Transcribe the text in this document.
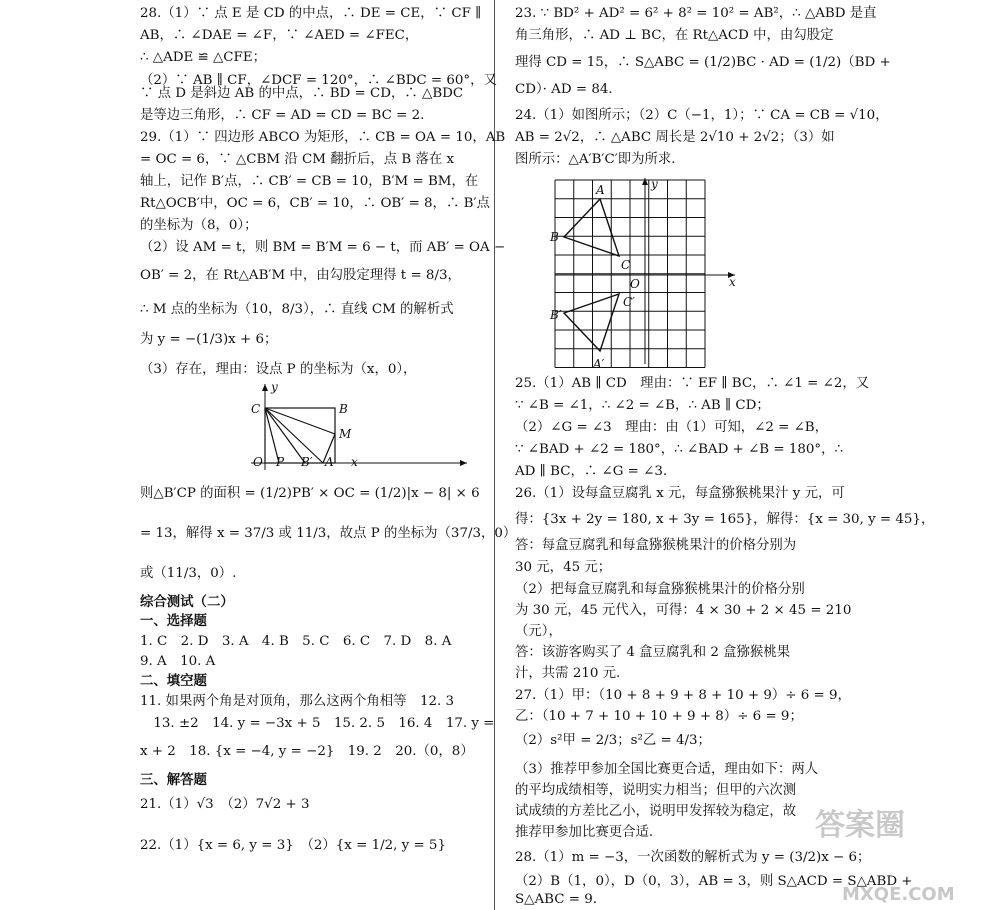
28.（1）∵ 点 E 是 CD 的中点，∴ DE = CE，∵ CF ∥
AB，∴ ∠DAE = ∠F，∵ ∠AED = ∠FEC，
∴ △ADE ≌ △CFE；
（2）∵ AB ∥ CF，∠DCF = 120°，∴ ∠BDC = 60°，又
∵ 点 D 是斜边 AB 的中点，∴ BD = CD，∴ △BDC
是等边三角形，∴ CF = AD = CD = BC = 2.
29.（1）∵ 四边形 ABCO 为矩形，∴ CB = OA = 10，AB
= OC = 6，∵ △CBM 沿 CM 翻折后，点 B 落在 x
轴上，记作 B′点，∴ CB′ = CB = 10，B′M = BM，在
Rt△OCB′中，OC = 6，CB′ = 10，∴ OB′ = 8，∴ B′点
的坐标为（8，0）；
（2）设 AM = t，则 BM = B′M = 6 − t，而 AB′ = OA −
OB′ = 2，在 Rt△AB′M 中，由勾股定理得 t = 8/3，
∴ M 点的坐标为（10，8/3），∴ 直线 CM 的解析式
为 y = −(1/3)x + 6；
（3）存在，理由：设点 P 的坐标为（x，0），
y
C	B
M
O P B′ A x
则△B′CP 的面积 = (1/2)PB′ × OC = (1/2)|x − 8| × 6
= 13，解得 x = 37/3 或 11/3，故点 P 的坐标为（37/3，0）
或（11/3，0）.
综合测试（二）
一、选择题
1. C　2. D　3. A　4. B　5. C　6. C　7. D　8. A
9. A　10. A
二、填空题
11. 如果两个角是对顶角，那么这两个角相等　12. 3
　13. ±2　14. y = −3x + 5　15. 2. 5　16. 4　17. y =
x + 2　18. {x = −4, y = −2}　19. 2　20.（0，8）
三、解答题
21.（1）√3　（2）7√2 + 3
22.（1）{x = 6, y = 3}　（2）{x = 1/2, y = 5}
23. ∵ BD² + AD² = 6² + 8² = 10² = AB²，∴ △ABD 是直
角三角形，∴ AD ⊥ BC，在 Rt△ACD 中，由勾股定
理得 CD = 15，∴ S△ABC = (1/2)BC · AD = (1/2)（BD +
CD）· AD = 84.
24.（1）如图所示；（2）C（−1，1）；∵ CA = CB = √10，
AB = 2√2，∴ △ABC 周长是 2√10 + 2√2；（3）如
图所示：△A′B′C′即为所求.
A	y
B
C
x
O
C′
B′
A′
25.（1）AB ∥ CD　理由：∵ EF ∥ BC，∴ ∠1 = ∠2，又
∵ ∠B = ∠1，∴ ∠2 = ∠B，∴ AB ∥ CD；
（2）∠G = ∠3　理由：由（1）可知，∠2 = ∠B，
∵ ∠BAD + ∠2 = 180°，∴ ∠BAD + ∠B = 180°，∴
AD ∥ BC，∴ ∠G = ∠3.
26.（1）设每盒豆腐乳 x 元，每盒猕猴桃果汁 y 元，可
得：{3x + 2y = 180, x + 3y = 165}，解得：{x = 30, y = 45}，
答：每盒豆腐乳和每盒猕猴桃果汁的价格分别为
30 元，45 元；
（2）把每盒豆腐乳和每盒猕猴桃果汁的价格分别
为 30 元，45 元代入，可得：4 × 30 + 2 × 45 = 210
（元），
答：该游客购买了 4 盒豆腐乳和 2 盒猕猴桃果
汁，共需 210 元.
27.（1）甲：（10 + 8 + 9 + 8 + 10 + 9）÷ 6 = 9，
乙：（10 + 7 + 10 + 10 + 9 + 8）÷ 6 = 9；
（2）s²甲 = 2/3；s²乙 = 4/3；
（3）推荐甲参加全国比赛更合适，理由如下：两人
的平均成绩相等，说明实力相当；但甲的六次测
试成绩的方差比乙小，说明甲发挥较为稳定，故
推荐甲参加比赛更合适.
28.（1）m = −3，一次函数的解析式为 y = (3/2)x − 6；
（2）B（1，0），D（0，3），AB = 3，则 S△ACD = S△ABD +
S△ABC = 9.
答案圈
MXQE.COM
